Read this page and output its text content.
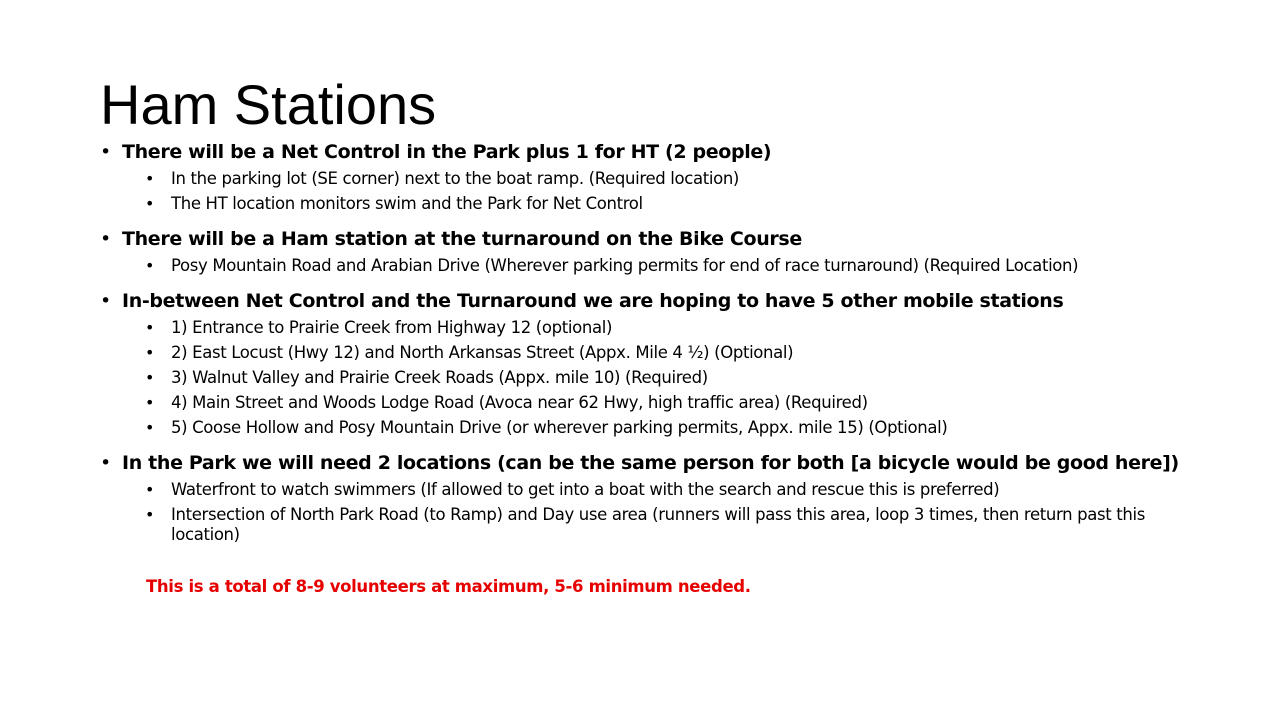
Ham Stations
• There will be a Net Control in the Park plus 1 for HT (2 people)
• In the parking lot (SE corner) next to the boat ramp. (Required location)
• The HT location monitors swim and the Park for Net Control
• There will be a Ham station at the turnaround on the Bike Course
• Posy Mountain Road and Arabian Drive (Wherever parking permits for end of race turnaround) (Required Location)
• In-between Net Control and the Turnaround we are hoping to have 5 other mobile stations
• 1) Entrance to Prairie Creek from Highway 12 (optional)
• 2) East Locust (Hwy 12) and North Arkansas Street (Appx. Mile 4 ½) (Optional)
• 3) Walnut Valley and Prairie Creek Roads (Appx. mile 10) (Required)
• 4) Main Street and Woods Lodge Road (Avoca near 62 Hwy, high traffic area) (Required)
• 5) Coose Hollow and Posy Mountain Drive (or wherever parking permits, Appx. mile 15) (Optional)
• In the Park we will need 2 locations (can be the same person for both [a bicycle would be good here])
• Waterfront to watch swimmers (If allowed to get into a boat with the search and rescue this is preferred)
• Intersection of North Park Road (to Ramp) and Day use area (runners will pass this area, loop 3 times, then return past this location)
This is a total of 8-9 volunteers at maximum, 5-6 minimum needed.
